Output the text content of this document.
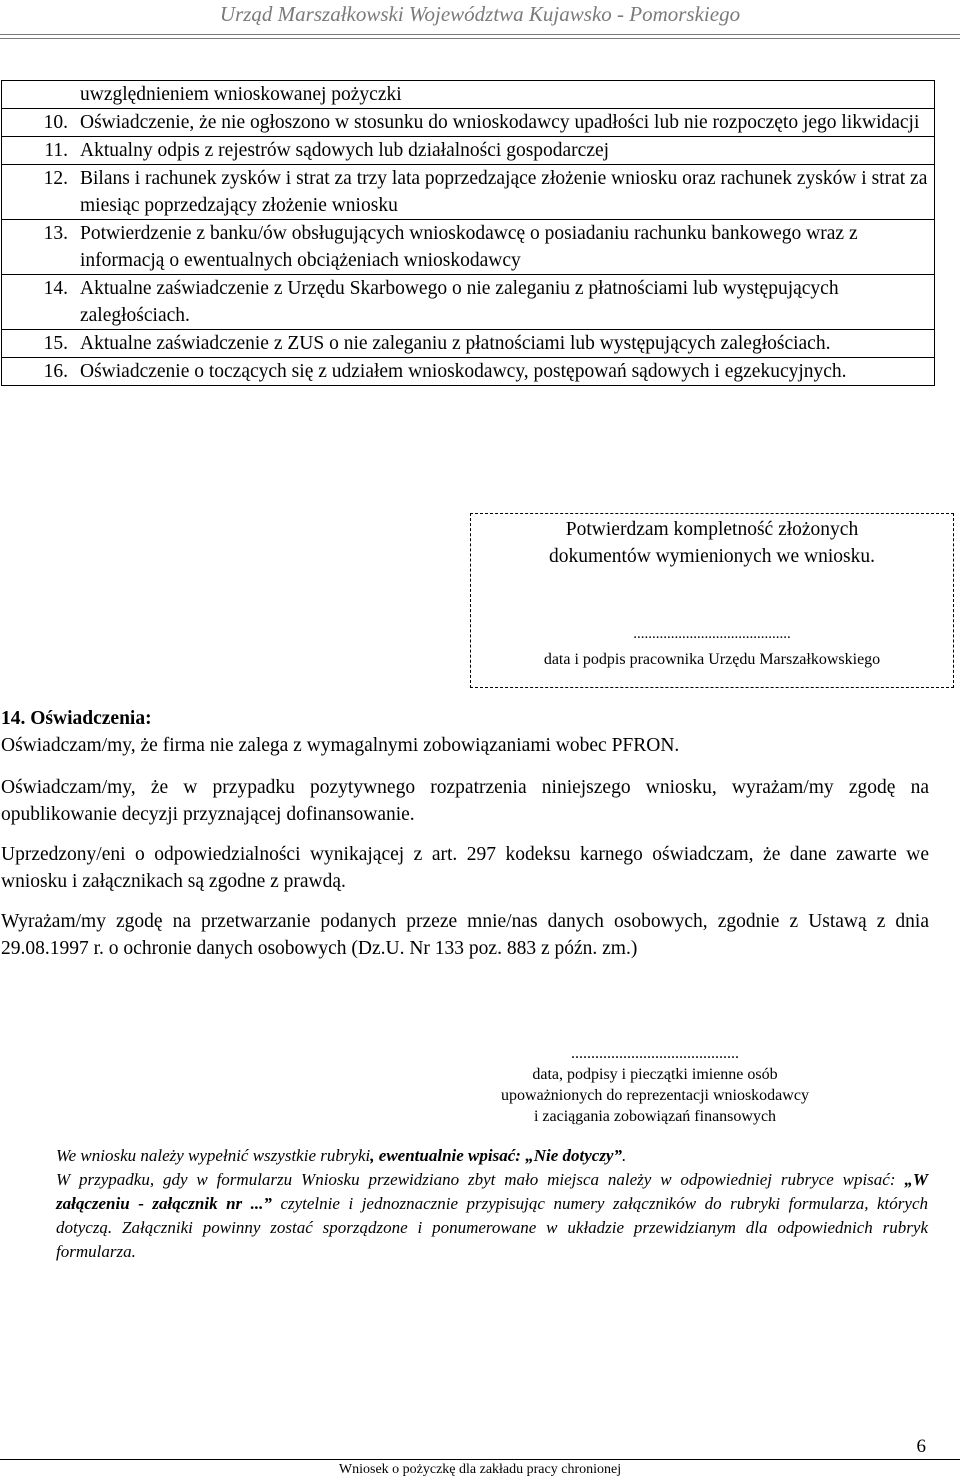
Urząd Marszałkowski Województwa Kujawsko - Pomorskiego
	uwzględnieniem wnioskowanej pożyczki
10.	Oświadczenie, że nie ogłoszono w stosunku do wnioskodawcy upadłości lub nie rozpoczęto jego likwidacji
11.	Aktualny odpis z rejestrów sądowych lub działalności gospodarczej
12.	Bilans i rachunek zysków i strat za trzy lata poprzedzające złożenie wniosku oraz rachunek zysków i strat za miesiąc poprzedzający złożenie wniosku
13.	Potwierdzenie z banku/ów obsługujących wnioskodawcę o posiadaniu rachunku bankowego wraz z informacją o ewentualnych obciążeniach wnioskodawcy
14.	Aktualne zaświadczenie z Urzędu Skarbowego o nie zaleganiu z płatnościami lub występujących zaległościach.
15.	Aktualne zaświadczenie z ZUS o nie zaleganiu z płatnościami lub występujących zaległościach.
16.	Oświadczenie o toczących się z udziałem wnioskodawcy, postępowań sądowych i egzekucyjnych.
Potwierdzam kompletność złożonych
dokumentów wymienionych we wniosku.
..........................................
data i podpis pracownika Urzędu Marszałkowskiego
14. Oświadczenia:

Oświadczam/my, że firma nie zalega z wymagalnymi zobowiązaniami wobec PFRON.

Oświadczam/my, że w przypadku pozytywnego rozpatrzenia niniejszego wniosku, wyrażam/my zgodę na opublikowanie decyzji przyznającej dofinansowanie.

Uprzedzony/eni o odpowiedzialności wynikającej z art. 297 kodeksu karnego oświadczam, że dane zawarte we wniosku i załącznikach są zgodne z prawdą.

Wyrażam/my zgodę na przetwarzanie podanych przeze mnie/nas danych osobowych, zgodnie z Ustawą z dnia 29.08.1997 r. o ochronie danych osobowych (Dz.U. Nr 133 poz. 883 z późn. zm.)

..........................................
data, podpisy i pieczątki imienne osób
upoważnionych do reprezentacji wnioskodawcy
i zaciągania zobowiązań finansowych

We wniosku należy wypełnić wszystkie rubryki, ewentualnie wpisać: „Nie dotyczy”.

W przypadku, gdy w formularzu Wniosku przewidziano zbyt mało miejsca należy w odpowiedniej rubryce wpisać: „W załączeniu - załącznik nr ...” czytelnie i jednoznacznie przypisując numery załączników do rubryki formularza, których dotyczą. Załączniki powinny zostać sporządzone i ponumerowane w układzie przewidzianym dla odpowiednich rubryk formularza.

6
Wniosek o pożyczkę dla zakładu pracy chronionej
